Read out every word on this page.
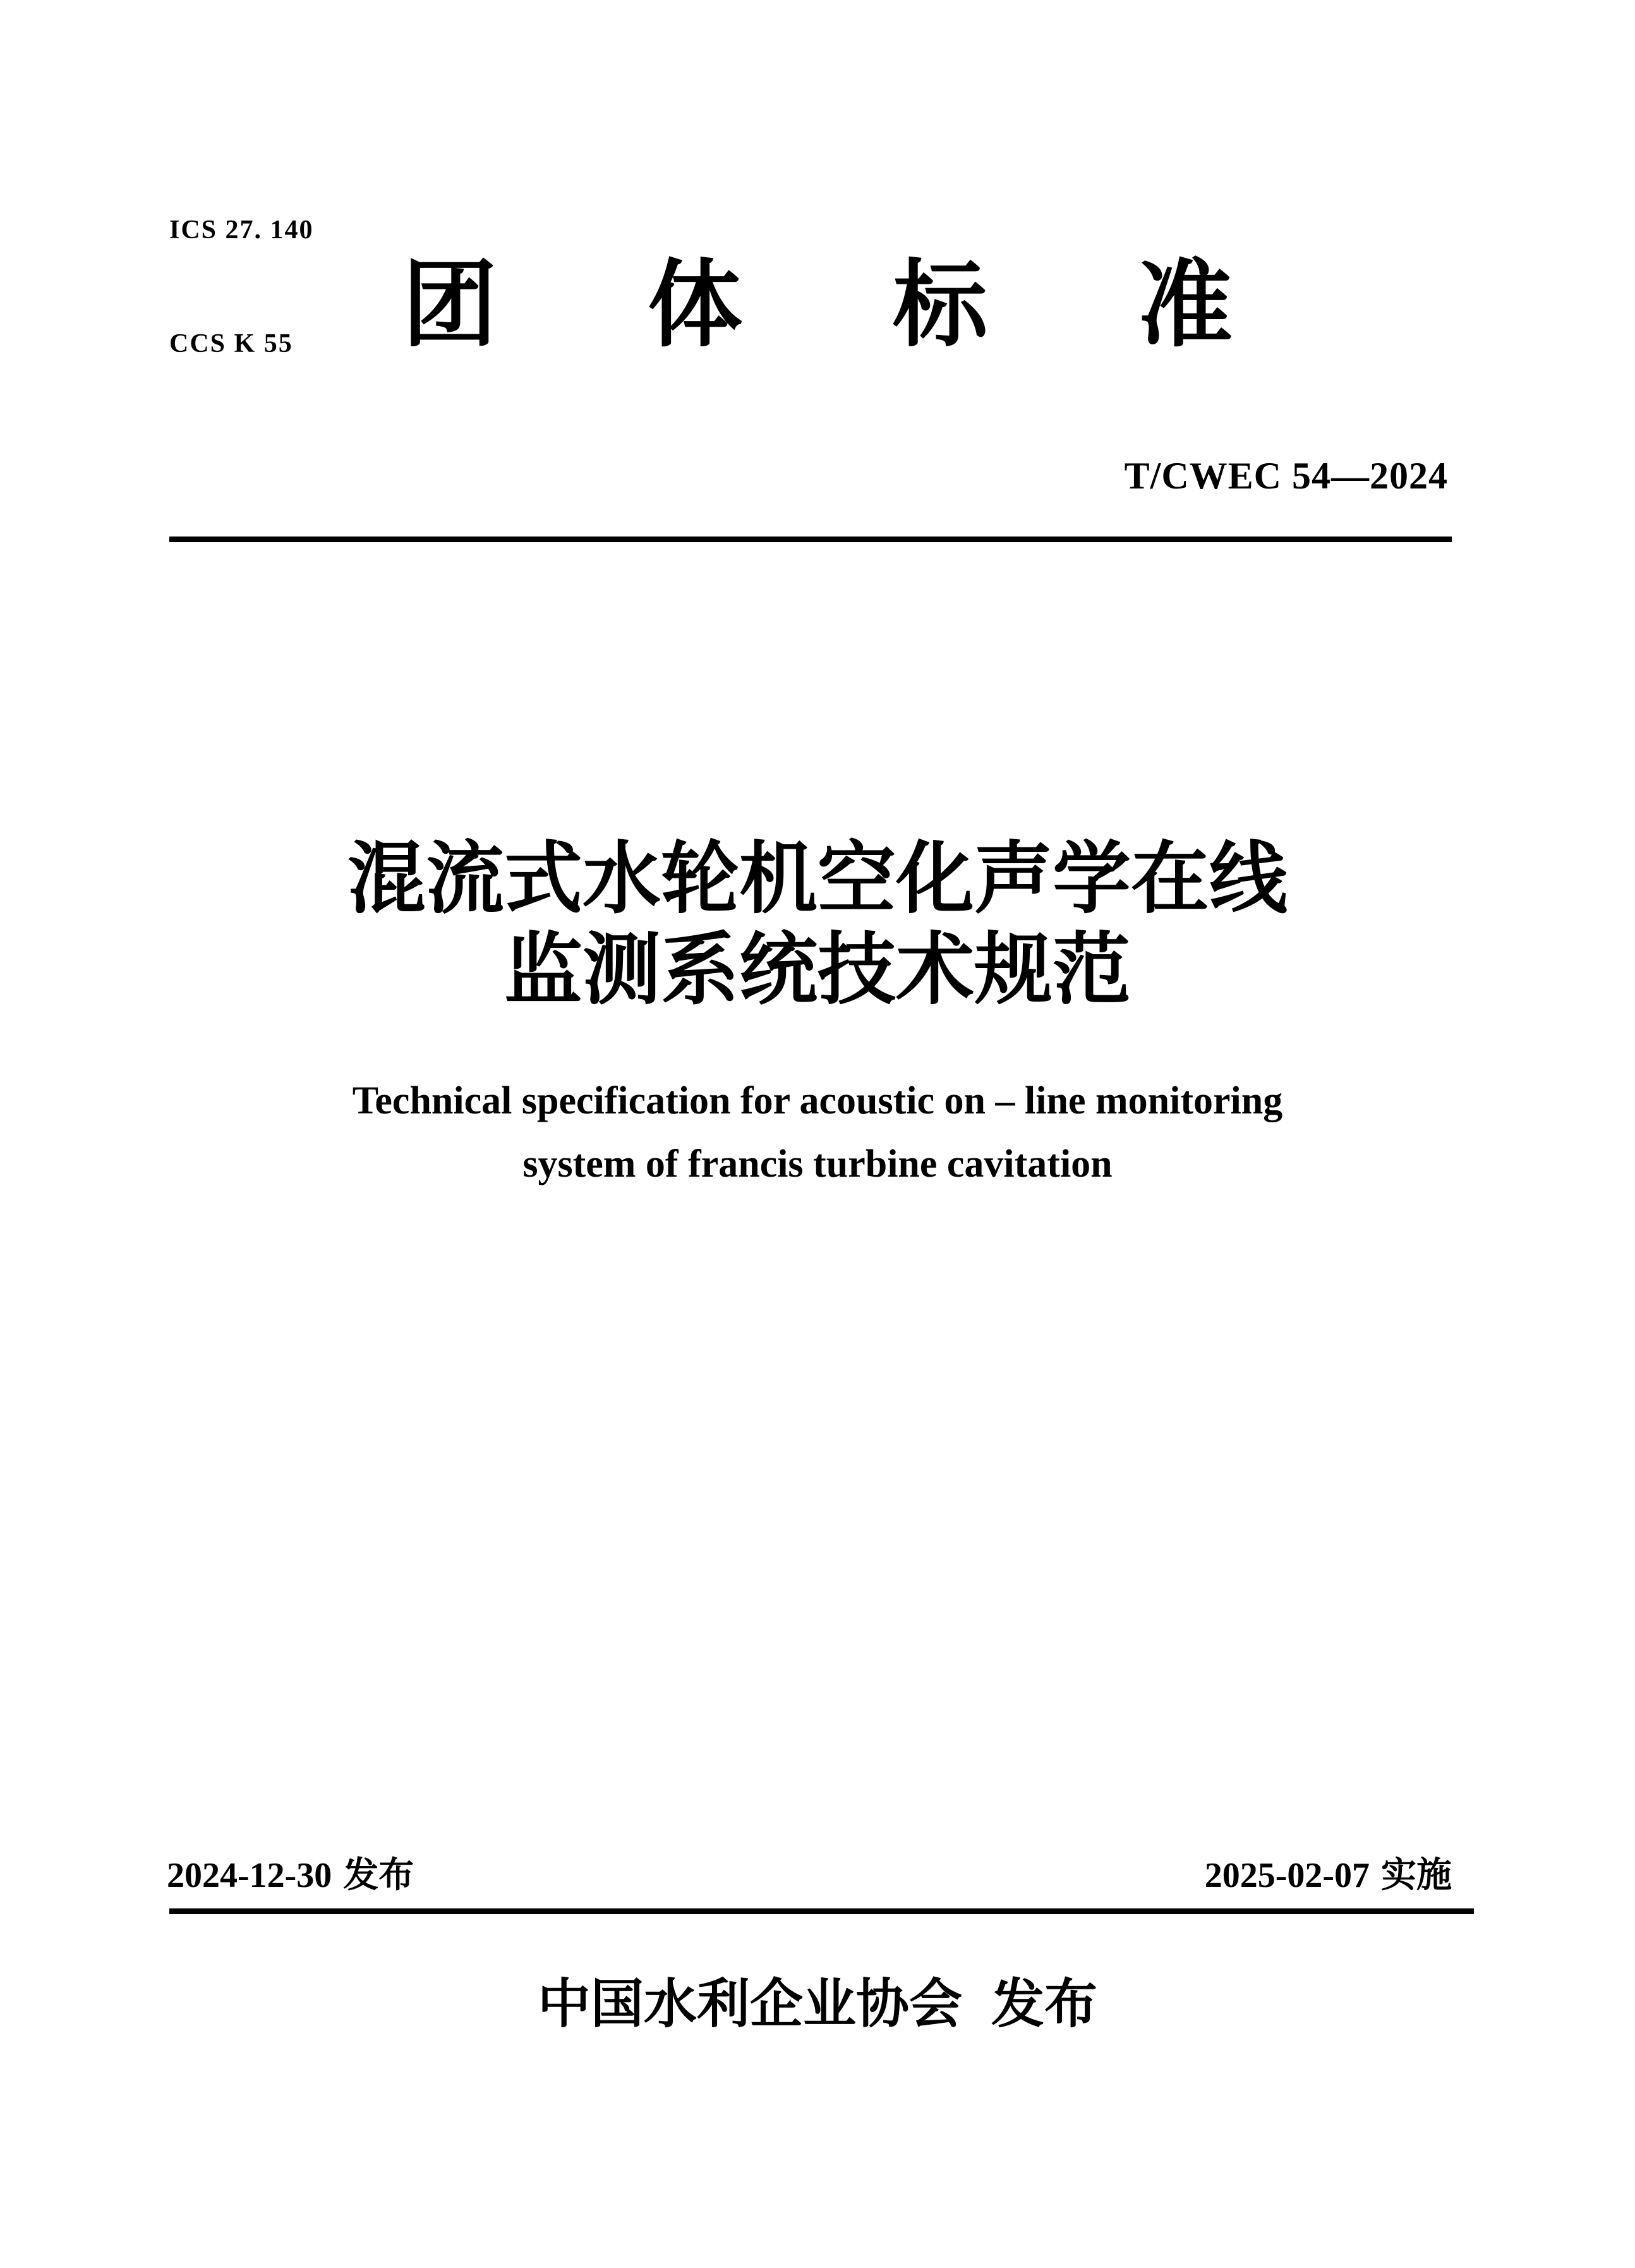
ICS 27. 140

CCS K 55

团 体 标 准
T/CWEC 54—2024
混流式水轮机空化声学在线
监测系统技术规范
Technical specification for acoustic on – line monitoring
system of francis turbine cavitation
2024-12-30 发布	2025-02-07 实施
中国水利企业协会 发布
